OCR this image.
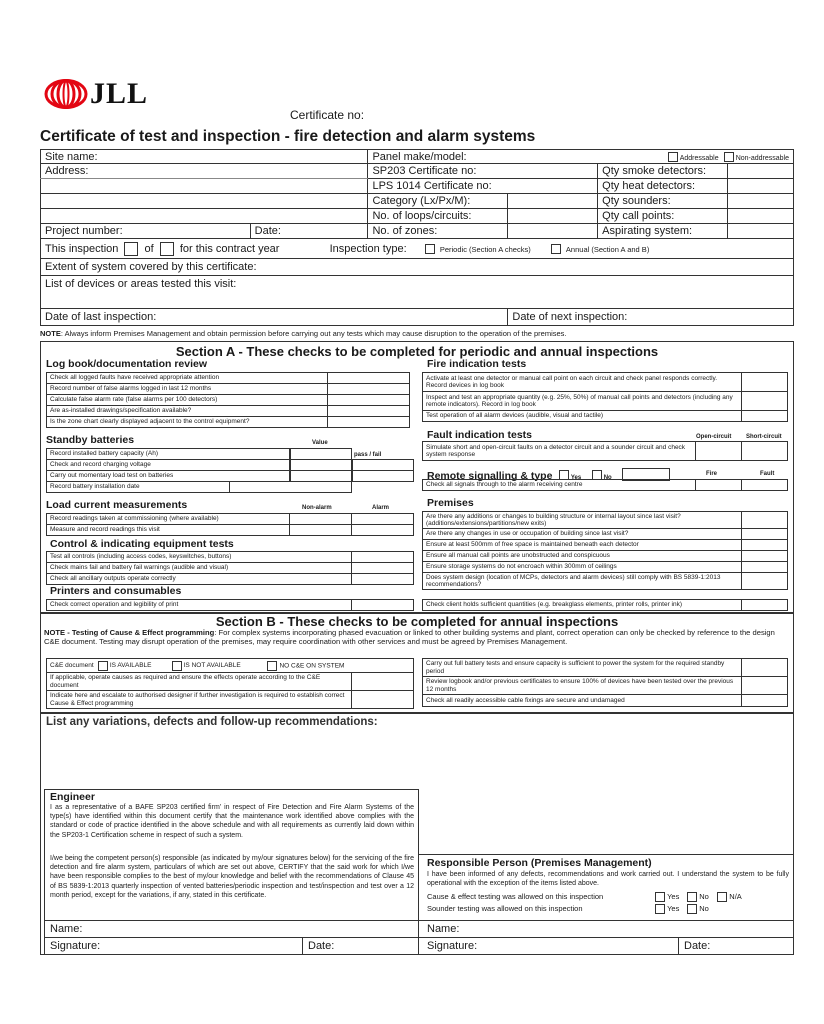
JLL
Certificate no:
Certificate of test and inspection - fire detection and alarm systems
Site name:		Panel make/model: Addressable Non-addressable			

Address:		SP203 Certificate no:		Qty smoke detectors:	
		LPS 1014 Certificate no:		Qty heat detectors:	
		Category (Lx/Px/M):		Qty sounders:	
		No. of loops/circuits:		Qty call points:	
Project number:	Date:	No. of zones:		Aspirating system:	
This inspection of for this contract year Inspection type: Periodic (Section A checks) Annual (Section A and B)					
Extent of system covered by this certificate:					
List of devices or areas tested this visit:					
Date of last inspection:			Date of next inspection:		
NOTE: Always inform Premises Management and obtain permission before carrying out any tests which may cause disruption to the operation of the premises.
Section A - These checks to be completed for periodic and annual inspections
Log book/documentation review
Check all logged faults have received appropriate attention	
Record number of false alarms logged in last 12 months	
Calculate false alarm rate (false alarms per 100 detectors)	
Are as-installed drawings/specification available?	
Is the zone chart clearly displayed adjacent to the control equipment?	
Standby batteries	Value
pass / fail
Record installed battery capacity (Ah)
Check and record charging voltage
Carry out momentary load test on batteries

Record battery installation date	
Load current measurements	Non-alarm	Alarm
Record readings taken at commissioning (where available)		
Measure and record readings this visit		
Control & indicating equipment tests
Test all controls (including access codes, keyswitches, buttons)	
Check mains fail and battery fail warnings (audible and visual)	
Check all ancillary outputs operate correctly	
Printers and consumables
Check correct operation and legibility of print	
Fire indication tests
Activate at least one detector or manual call point on each circuit and check panel responds correctly. Record devices in log book	
Inspect and test an appropriate quantity (e.g. 25%, 50%) of manual call points and detectors (including any remote indicators). Record in log book	
Test operation of all alarm devices (audible, visual and tactile)	
Fault indication tests	Open-circuit Short-circuit
Simulate short and open-circuit faults on a detector circuit and a sounder circuit and check system response		
Remote signalling & type	Yes	No
Fire	Fault
Check all signals through to the alarm receiving centre		
Premises
Are there any additions or changes to building structure or internal layout since last visit? (additions/extensions/partitions/new exits)	
Are there any changes in use or occupation of building since last visit?	
Ensure at least 500mm of free space is maintained beneath each detector	
Ensure all manual call points are unobstructed and conspicuous	
Ensure storage systems do not encroach within 300mm of ceilings	
Does system design (location of MCPs, detectors and alarm devices) still comply with BS 5839-1:2013 recommendations?	
Check client holds sufficient quantities (e.g. breakglass elements, printer rolls, printer ink)	
Section B - These checks to be completed for annual inspections
NOTE - Testing of Cause & Effect programming: For complex systems incorporating phased evacuation or linked to other building systems and plant, correct operation can only be checked by reference to the design C&E document. Testing may disrupt operation of the premises, may require coordination with other services and must be agreed by Premises Management.
C&E document IS AVAILABLE IS NOT AVAILABLE NO C&E ON SYSTEM	
If applicable, operate causes as required and ensure the effects operate according to the C&E document	
Indicate here and escalate to authorised designer if further investigation is required to establish correct Cause & Effect programming	
Carry out full battery tests and ensure capacity is sufficient to power the system for the required standby period	
Review logbook and/or previous certificates to ensure 100% of devices have been tested over the previous 12 months	
Check all readily accessible cable fixings are secure and undamaged	
List any variations, defects and follow-up recommendations:
Engineer
I as a representative of a BAFE SP203 certified firm' in respect of Fire Detection and Fire Alarm Systems of the type(s) have identified within this document certify that the maintenance work identified above complies with the standard or code of practice identified in the above schedule and with all requirements as currently laid down within the SP203-1 Certification scheme in respect of such a system.
I/we being the competent person(s) responsible (as indicated by my/our signatures below) for the servicing of the fire detection and fire alarm system, particulars of which are set out above, CERTIFY that the said work for which I/we have been responsible complies to the best of my/our knowledge and belief with the recommendations of Clause 45 of BS 5839-1:2013 quarterly inspection of vented batteries/periodic inspection and test/inspection and test over a 12 month period, except for the variations, if any, stated in this certificate.
Name:
Signature:	Date:
Responsible Person (Premises Management)
I have been informed of any defects, recommendations and work carried out. I understand the system to be fully operational with the exception of the items listed above.
Cause & effect testing was allowed on this inspection	Yes	No	N/A
Sounder testing was allowed on this inspection	Yes	No
Name:
Signature:	Date:
